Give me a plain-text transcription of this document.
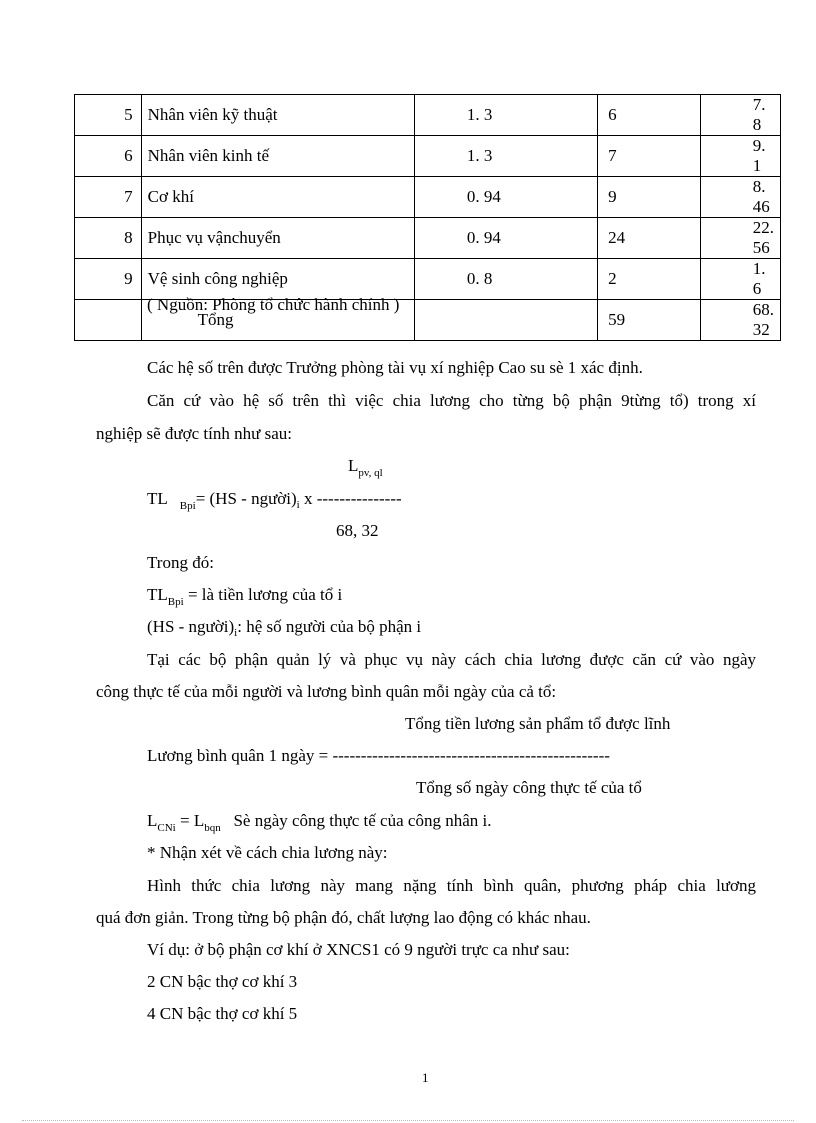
5	Nhân viên kỹ thuật	1. 3	6	7. 8
6	Nhân viên kinh tế	1. 3	7	9. 1
7	Cơ khí	0. 94	9	8. 46
8	Phục vụ vậnchuyển	0. 94	24	22. 56
9	Vệ sinh công nghiệp	0. 8	2	1. 6
	Tổng		59	68. 32
( Nguồn: Phòng tổ chức hành chính )
Các hệ số trên được Trưởng phòng tài vụ xí nghiệp Cao su sè 1 xác định.
Căn cứ vào hệ số trên thì việc chia lương cho từng bộ phận 9từng tổ) trong xí
nghiệp sẽ được tính như sau:
$L_{pv, ql}$
TL $_{Bpi}= (HS - người)_i$ x ---------------
68, 32
Trong đó:
$TL_{Bpi}$ = là tiền lương của tổ i
$(HS - người)_i$: hệ số người của bộ phận i
Tại các bộ phận quản lý và phục vụ này cách chia lương được căn cứ vào ngày
công thực tế của mỗi người và lương bình quân mỗi ngày của cả tổ:
Tổng tiền lương sản phẩm tổ được lĩnh
Lương bình quân 1 ngày = -------------------------------------------------
Tổng số ngày công thực tế của tổ
$L_{CNi} = L_{bqn}$ Sè ngày công thực tế của công nhân i.
* Nhận xét về cách chia lương này:
Hình thức chia lương này mang nặng tính bình quân, phương pháp chia lương
quá đơn giản. Trong từng bộ phận đó, chất lượng lao động có khác nhau.
Ví dụ: ở bộ phận cơ khí ở XNCS1 có 9 người trực ca như sau:
2 CN bậc thợ cơ khí 3
4 CN bậc thợ cơ khí 5
1
